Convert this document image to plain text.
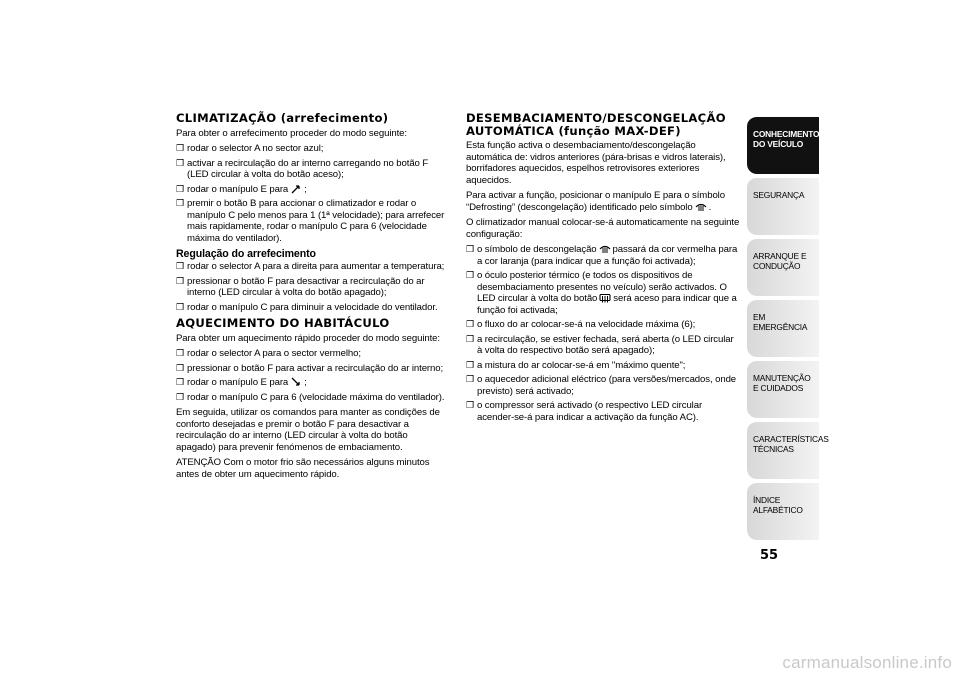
CLIMATIZAÇÃO (arrefecimento)

Para obter o arrefecimento proceder do modo seguinte:

❒ rodar o selector A no sector azul;
❒ activar a recirculação do ar interno carregando no botão F (LED circular à volta do botão aceso);
❒ rodar o manípulo E para ;
❒ premir o botão B para accionar o climatizador e rodar o manípulo C pelo menos para 1 (1ª velocidade); para arrefecer mais rapidamente, rodar o manípulo C para 6 (velocidade máxima do ventilador).
Regulação do arrefecimento
❒ rodar o selector A para a direita para aumentar a temperatura;
❒ pressionar o botão F para desactivar a recirculação do ar interno (LED circular à volta do botão apagado);
❒ rodar o manípulo C para diminuir a velocidade do ventilador.
AQUECIMENTO DO HABITÁCULO

Para obter um aquecimento rápido proceder do modo seguinte:

❒ rodar o selector A para o sector vermelho;
❒ pressionar o botão F para activar a recirculação do ar interno;
❒ rodar o manípulo E para ;
❒ rodar o manípulo C para 6 (velocidade máxima do ventilador).

Em seguida, utilizar os comandos para manter as condições de conforto desejadas e premir o botão F para desactivar a recirculação do ar interno (LED circular à volta do botão apagado) para prevenir fenómenos de embaciamento.

ATENÇÃO Com o motor frio são necessários alguns minutos antes de obter um aquecimento rápido.

DESEMBACIAMENTO/DESCONGELAÇÃO AUTOMÁTICA (função MAX-DEF)

Esta função activa o desembaciamento/descongelação automática de: vidros anteriores (pára-brisas e vidros laterais), borrifadores aquecidos, espelhos retrovisores exteriores aquecidos.

Para activar a função, posicionar o manípulo E para o símbolo “Defrosting” (descongelação) identificado pelo símbolo .

O climatizador manual colocar-se-á automaticamente na seguinte configuração:

❒ o símbolo de descongelação passará da cor vermelha para a cor laranja (para indicar que a função foi activada);
❒ o óculo posterior térmico (e todos os dispositivos de desembaciamento presentes no veículo) serão activados. O LED circular à volta do botão será aceso para indicar que a função foi activada;
❒ o fluxo do ar colocar-se-á na velocidade máxima (6);
❒ a recirculação, se estiver fechada, será aberta (o LED circular à volta do respectivo botão será apagado);
❒ a mistura do ar colocar-se-á em "máximo quente";
❒ o aquecedor adicional eléctrico (para versões/mercados, onde previsto) será activado;
❒ o compressor será activado (o respectivo LED circular acender-se-á para indicar a activação da função AC).
CONHECIMENTO DO VEÍCULO
SEGURANÇA
ARRANQUE E CONDUÇÃO
EM EMERGÊNCIA
MANUTENÇÃO E CUIDADOS
CARACTERÍSTICAS TÉCNICAS
ÍNDICE ALFABÉTICO
55
carmanualsonline.info
